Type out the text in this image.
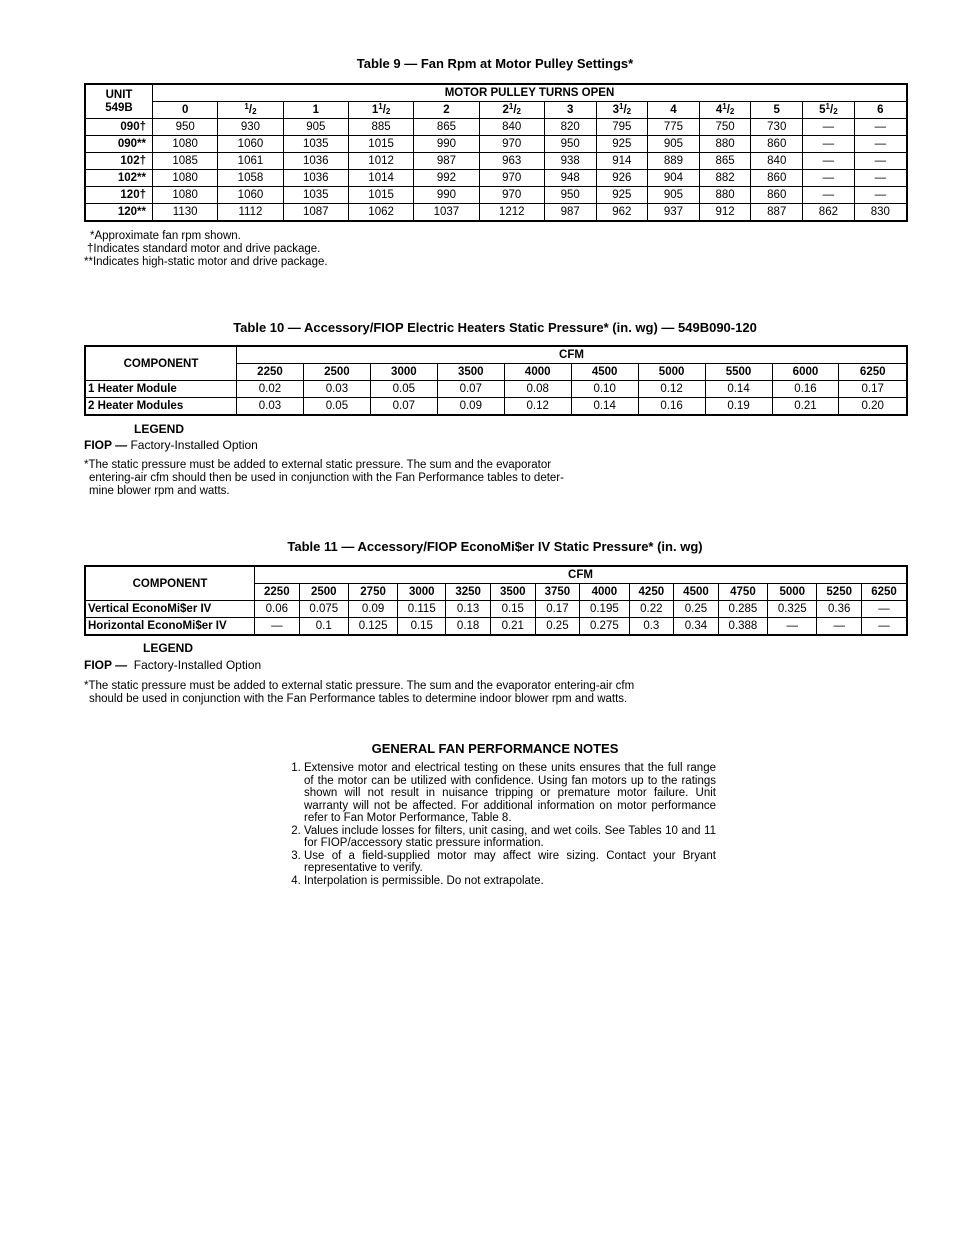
Table 9 — Fan Rpm at Motor Pulley Settings*
UNIT
549B	MOTOR PULLEY TURNS OPEN												
	0	$^1/_2$	1	$1^1/_2$	2	$2^1/_2$	3	$3^1/_2$	4	$4^1/_2$	5	$5^1/_2$	6
090†	950	930	905	885	865	840	820	795	775	750	730	—	—
090**	1080	1060	1035	1015	990	970	950	925	905	880	860	—	—
102†	1085	1061	1036	1012	987	963	938	914	889	865	840	—	—
102**	1080	1058	1036	1014	992	970	948	926	904	882	860	—	—
120†	1080	1060	1035	1015	990	970	950	925	905	880	860	—	—
120**	1130	1112	1087	1062	1037	1212	987	962	937	912	887	862	830
*Approximate fan rpm shown.
†Indicates standard motor and drive package.
**Indicates high-static motor and drive package.
Table 10 — Accessory/FIOP Electric Heaters Static Pressure* (in. wg) — 549B090-120
COMPONENT	CFM									
	2250	2500	3000	3500	4000	4500	5000	5500	6000	6250
1 Heater Module	0.02	0.03	0.05	0.07	0.08	0.10	0.12	0.14	0.16	0.17
2 Heater Modules	0.03	0.05	0.07	0.09	0.12	0.14	0.16	0.19	0.21	0.20
LEGEND
FIOP — Factory-Installed Option
*The static pressure must be added to external static pressure. The sum and the evaporator
entering-air cfm should then be used in conjunction with the Fan Performance tables to deter-
mine blower rpm and watts.
Table 11 — Accessory/FIOP EconoMi$er IV Static Pressure* (in. wg)
COMPONENT	CFM													
	2250	2500	2750	3000	3250	3500	3750	4000	4250	4500	4750	5000	5250	6250
Vertical EconoMi$er IV	0.06	0.075	0.09	0.115	0.13	0.15	0.17	0.195	0.22	0.25	0.285	0.325	0.36	—
Horizontal EconoMi$er IV	—	0.1	0.125	0.15	0.18	0.21	0.25	0.275	0.3	0.34	0.388	—	—	—
LEGEND
FIOP — Factory-Installed Option
*The static pressure must be added to external static pressure. The sum and the evaporator entering-air cfm
should be used in conjunction with the Fan Performance tables to determine indoor blower rpm and watts.
GENERAL FAN PERFORMANCE NOTES
1. Extensive motor and electrical testing on these units ensures that the full range of the motor can be utilized with confidence. Using fan motors up to the ratings shown will not result in nuisance tripping or premature motor failure. Unit warranty will not be affected. For additional information on motor performance refer to Fan Motor Performance, Table 8.
2. Values include losses for filters, unit casing, and wet coils. See Tables 10 and 11 for FIOP/accessory static pressure information.
3. Use of a field-supplied motor may affect wire sizing. Contact your Bryant representative to verify.
4. Interpolation is permissible. Do not extrapolate.
